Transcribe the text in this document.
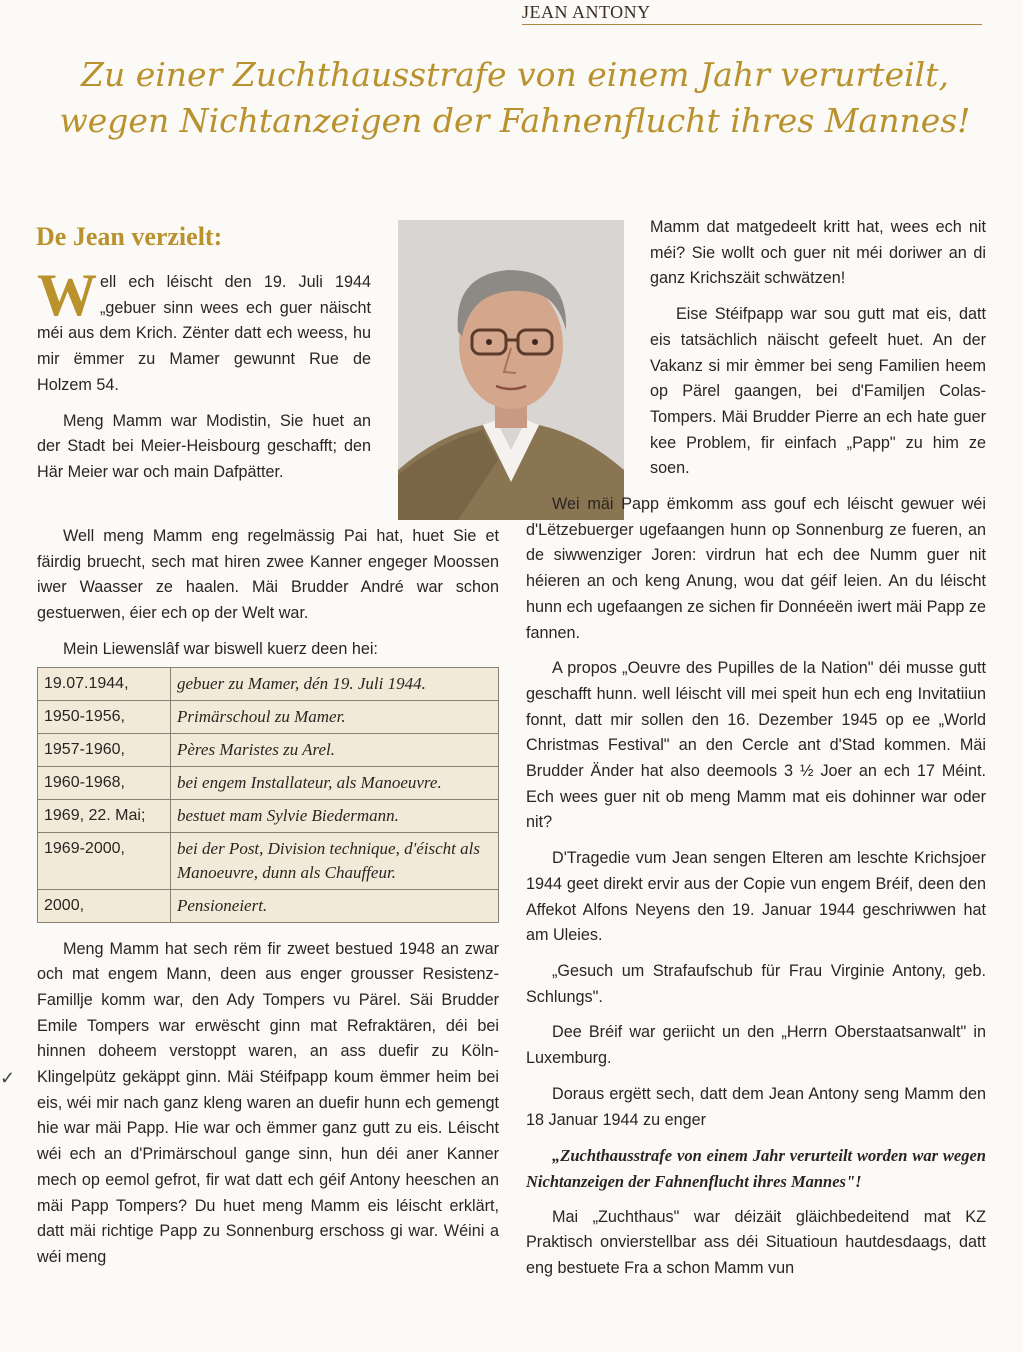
JEAN ANTONY
Zu einer Zuchthausstrafe von einem Jahr verurteilt,
wegen Nichtanzeigen der Fahnenflucht ihres Mannes!
De Jean verzielt:

Well ech léischt den 19. Juli 1944 „gebuer sinn wees ech guer näischt méi aus dem Krich. Zënter datt ech weess, hu mir ëmmer zu Mamer gewunnt Rue de Holzem 54.

Meng Mamm war Modistin, Sie huet an der Stadt bei Meier-Heisbourg geschafft; den Här Meier war och main Dafpätter.

Well meng Mamm eng regelmässig Pai hat, huet Sie et fäirdig bruecht, sech mat hiren zwee Kanner engeger Moossen iwer Waasser ze haalen. Mäi Brudder André war schon gestuerwen, éier ech op der Welt war.

Mein Liewenslâf war biswell kuerz deen hei:

19.07.1944,	gebuer zu Mamer, dén 19. Juli 1944.
1950-1956,	Primärschoul zu Mamer.
1957-1960,	Pères Maristes zu Arel.
1960-1968,	bei engem Installateur, als Manoeuvre.
1969, 22. Mai;	bestuet mam Sylvie Biedermann.
1969-2000,	bei der Post, Division technique, d'éischt als Manoeuvre, dunn als Chauffeur.
2000,	Pensioneiert.

Meng Mamm hat sech rëm fir zweet bestued 1948 an zwar och mat engem Mann, deen aus enger grousser Resistenz-Famillje komm war, den Ady Tompers vu Pärel. Säi Brudder Emile Tompers war erwëscht ginn mat Refraktären, déi bei hinnen doheem verstoppt waren, an ass duefir zu Köln-Klingelpütz gekäppt ginn. Mäi Stéifpapp koum ëmmer heim bei eis, wéi mir nach ganz kleng waren an duefir hunn ech gemengt hie war mäi Papp. Hie war och ëmmer ganz gutt zu eis. Léischt wéi ech an d'Primärschoul gange sinn, hun déi aner Kanner mech op eemol gefrot, fir wat datt ech géif Antony heeschen an mäi Papp Tompers? Du huet meng Mamm eis léischt erklärt, datt mäi richtige Papp zu Sonnenburg erschoss gi war. Wéini a wéi meng

✓

Mamm dat matgedeelt kritt hat, wees ech nit méi? Sie wollt och guer nit méi doriwer an di ganz Krichszäit schwätzen!

Eise Stéifpapp war sou gutt mat eis, datt eis tatsächlich näischt gefeelt huet. An der Vakanz si mir èmmer bei seng Familien heem op Pärel gaangen, bei d'Familjen Colas-Tompers. Mäi Brudder Pierre an ech hate guer kee Problem, fir einfach „Papp" zu him ze soen.

Wei mäi Papp ëmkomm ass gouf ech léischt gewuer wéi d'Lëtzebuerger ugefaangen hunn op Sonnenburg ze fueren, an de siwwenziger Joren: virdrun hat ech dee Numm guer nit héieren an och keng Anung, wou dat géif leien. An du léischt hunn ech ugefaangen ze sichen fir Donnéeën iwert mäi Papp ze fannen.

A propos „Oeuvre des Pupilles de la Nation" déi musse gutt geschafft hunn. well léischt vill mei speit hun ech eng Invitatiiun fonnt, datt mir sollen den 16. Dezember 1945 op ee „World Christmas Festival" an den Cercle ant d'Stad kommen. Mäi Brudder Änder hat also deemools 3 ½ Joer an ech 17 Méint. Ech wees guer nit ob meng Mamm mat eis dohinner war oder nit?

D'Tragedie vum Jean sengen Elteren am leschte Krichsjoer 1944 geet direkt ervir aus der Copie vun engem Bréif, deen den Affekot Alfons Neyens den 19. Januar 1944 geschriwwen hat am Uleies.

„Gesuch um Strafaufschub für Frau Virginie Antony, geb. Schlungs".

Dee Bréif war geriicht un den „Herrn Oberstaatsanwalt" in Luxemburg.

Doraus ergëtt sech, datt dem Jean Antony seng Mamm den 18 Januar 1944 zu enger

„Zuchthausstrafe von einem Jahr verurteilt worden war wegen Nichtanzeigen der Fahnenflucht ihres Mannes"!

Mai „Zuchthaus" war déizäit gläichbedeitend mat KZ Praktisch onvierstellbar ass déi Situatioun hautdesdaags, datt eng bestuete Fra a schon Mamm vun
